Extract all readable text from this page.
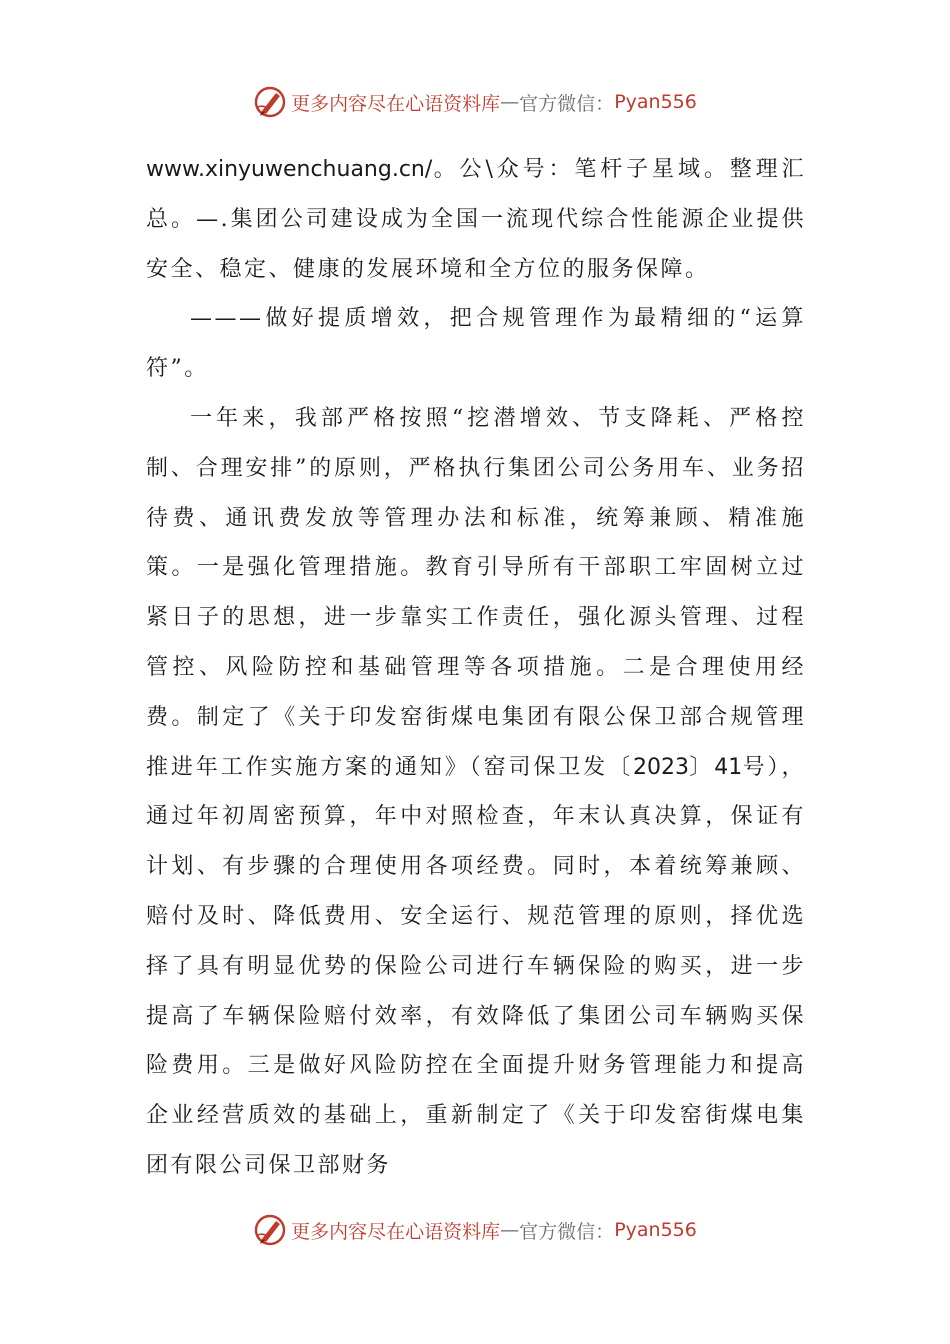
更多内容尽在心语资料库 — 官方微信： Pyan556

www.xinyuwenchuang.cn/。公\众号：笔杆子星域。整理汇总。—.集团公司建设成为全国一流现代综合性能源企业提供安全、稳定、健康的发展环境和全方位的服务保障。

———做好提质增效，把合规管理作为最精细的“运算符”。

一年来，我部严格按照“挖潜增效、节支降耗、严格控制、合理安排”的原则，严格执行集团公司公务用车、业务招待费、通讯费发放等管理办法和标准，统筹兼顾、精准施策。一是强化管理措施。教育引导所有干部职工牢固树立过紧日子的思想，进一步靠实工作责任，强化源头管理、过程管控、风险防控和基础管理等各项措施。二是合理使用经费。制定了《关于印发窑街煤电集团有限公保卫部合规管理推进年工作实施方案的通知》（窑司保卫发〔2023〕41号），通过年初周密预算，年中对照检查，年末认真决算，保证有计划、有步骤的合理使用各项经费。同时，本着统筹兼顾、赔付及时、降低费用、安全运行、规范管理的原则，择优选择了具有明显优势的保险公司进行车辆保险的购买，进一步提高了车辆保险赔付效率，有效降低了集团公司车辆购买保险费用。三是做好风险防控在全面提升财务管理能力和提高企业经营质效的基础上，重新制定了《关于印发窑街煤电集团有限公司保卫部财务

更多内容尽在心语资料库 — 官方微信： Pyan556
